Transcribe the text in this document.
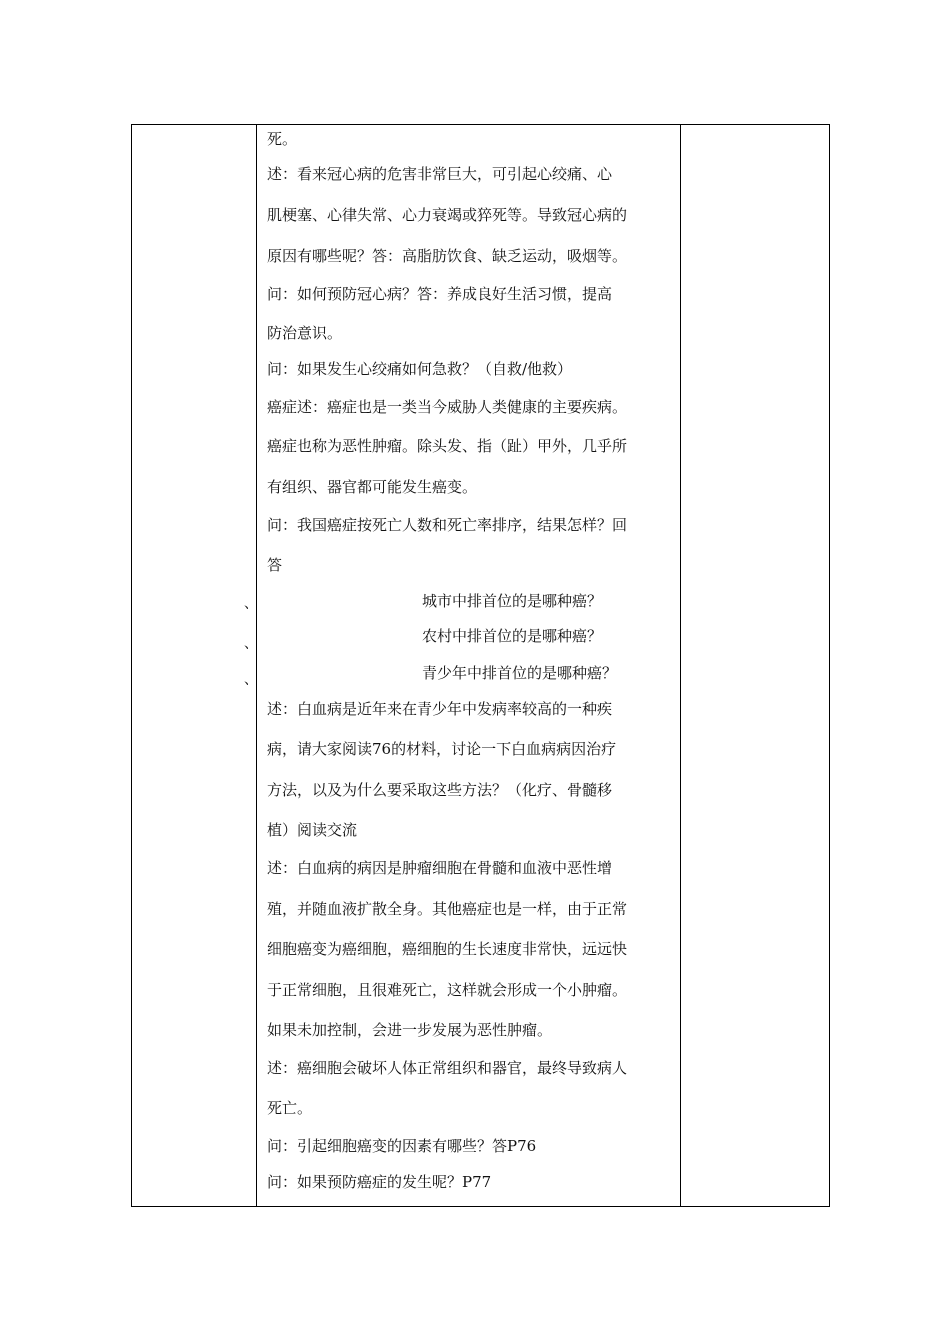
、
、
、
死。
述：看来冠心病的危害非常巨大，可引起心绞痛、心
肌梗塞、心律失常、心力衰竭或猝死等。导致冠心病的
原因有哪些呢？答：高脂肪饮食、缺乏运动，吸烟等。
问：如何预防冠心病？答：养成良好生活习惯，提高
防治意识。
问：如果发生心绞痛如何急救？（自救/他救）
癌症述：癌症也是一类当今威胁人类健康的主要疾病。
癌症也称为恶性肿瘤。除头发、指（趾）甲外，几乎所
有组织、器官都可能发生癌变。
问：我国癌症按死亡人数和死亡率排序，结果怎样？回
答
城市中排首位的是哪种癌？
农村中排首位的是哪种癌？
青少年中排首位的是哪种癌？
述：白血病是近年来在青少年中发病率较高的一种疾
病，请大家阅读76的材料，讨论一下白血病病因治疗
方法，以及为什么要采取这些方法？（化疗、骨髓移
植）阅读交流
述：白血病的病因是肿瘤细胞在骨髓和血液中恶性增
殖，并随血液扩散全身。其他癌症也是一样，由于正常
细胞癌变为癌细胞，癌细胞的生长速度非常快，远远快
于正常细胞，且很难死亡，这样就会形成一个小肿瘤。
如果未加控制，会进一步发展为恶性肿瘤。
述：癌细胞会破坏人体正常组织和器官，最终导致病人
死亡。
问：引起细胞癌变的因素有哪些？答P76
问：如果预防癌症的发生呢？P77
